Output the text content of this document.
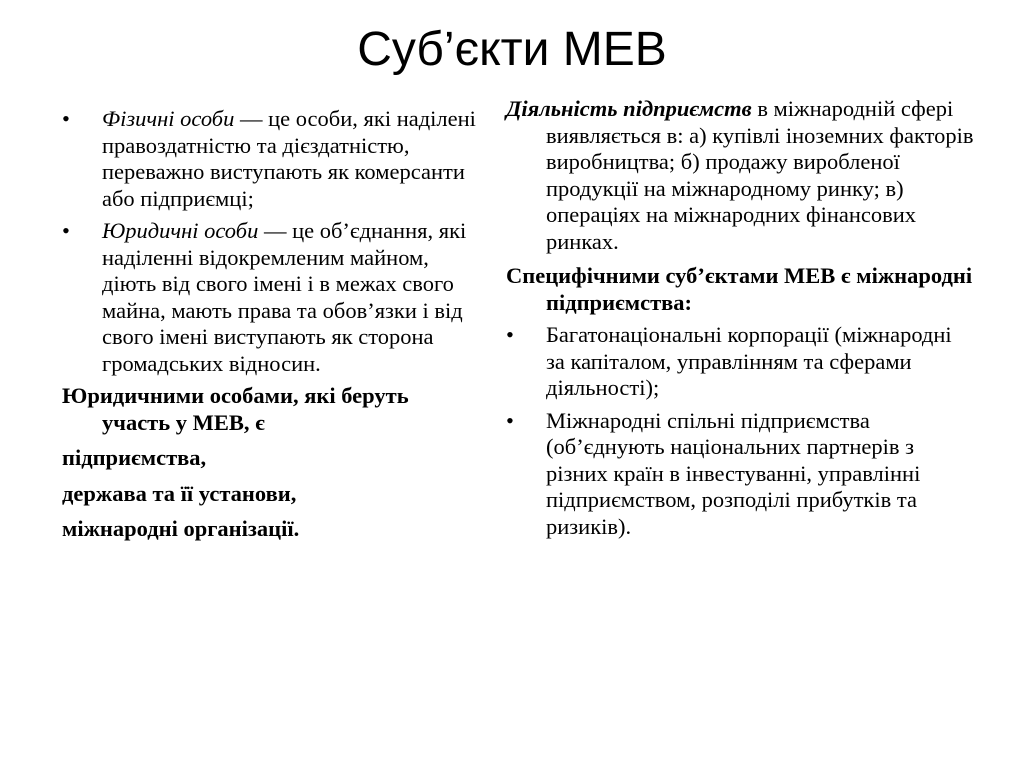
Суб’єкти МЕВ
•	Фізичні особи — це особи, які наділені правоздатністю та дієздатністю, переважно виступають як комерсанти або підприємці;
•	Юридичні особи — це об’єднання, які наділенні відокремленим майном, діють від свого імені і в межах свого майна, мають права та обов’язки і від свого імені виступають як сторона громадських відносин.

Юридичними особами, які беруть участь у МЕВ, є

підприємства,

держава та її установи,

міжнародні організації.

Діяльність підприємств в міжнародній сфері виявляється в: а) купівлі іноземних факторів виробництва; б) продажу виробленої продукції на міжнародному ринку; в) операціях на міжнародних фінансових ринках.

Специфічними суб’єктами МЕВ є міжнародні підприємства:

•	Багатонаціональні корпорації (міжнародні за капіталом, управлінням та сферами діяльності);
•	Міжнародні спільні підприємства (об’єднують національних партнерів з різних країн в інвестуванні, управлінні підприємством, розподілі прибутків та ризиків).
